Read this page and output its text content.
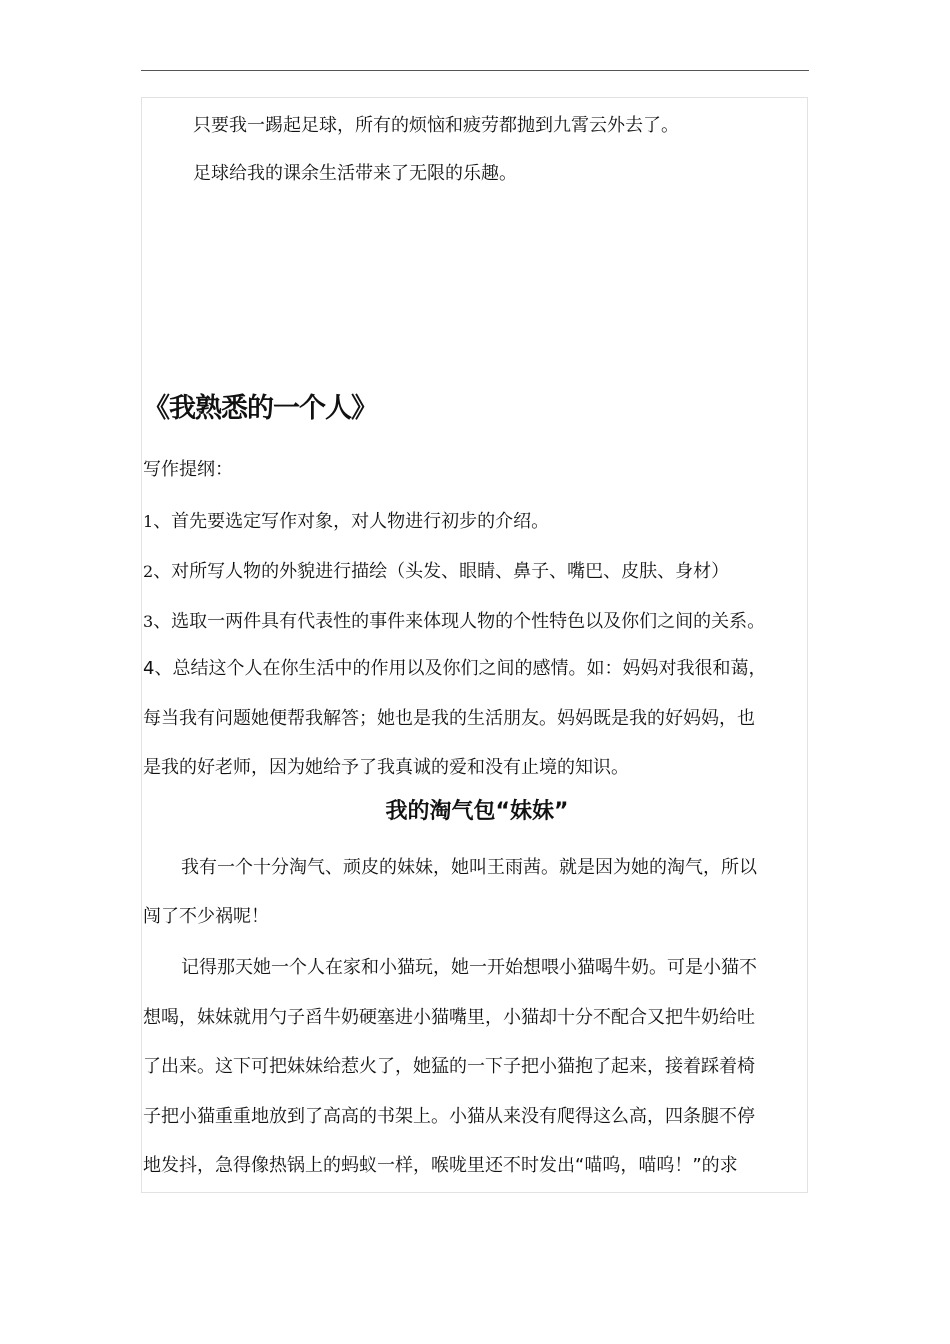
只要我一踢起足球，所有的烦恼和疲劳都抛到九霄云外去了。
足球给我的课余生活带来了无限的乐趣。
《我熟悉的一个人》
写作提纲：
1、首先要选定写作对象，对人物进行初步的介绍。
2、对所写人物的外貌进行描绘（头发、眼睛、鼻子、嘴巴、皮肤、身材）
3、选取一两件具有代表性的事件来体现人物的个性特色以及你们之间的关系。
4、总结这个人在你生活中的作用以及你们之间的感情。如：妈妈对我很和蔼，
每当我有问题她便帮我解答；她也是我的生活朋友。妈妈既是我的好妈妈，也
是我的好老师，因为她给予了我真诚的爱和没有止境的知识。
我的淘气包“妹妹”
我有一个十分淘气、顽皮的妹妹，她叫王雨茜。就是因为她的淘气，所以
闯了不少祸呢！
记得那天她一个人在家和小猫玩，她一开始想喂小猫喝牛奶。可是小猫不
想喝，妹妹就用勺子舀牛奶硬塞进小猫嘴里，小猫却十分不配合又把牛奶给吐
了出来。这下可把妹妹给惹火了，她猛的一下子把小猫抱了起来，接着踩着椅
子把小猫重重地放到了高高的书架上。小猫从来没有爬得这么高，四条腿不停
地发抖，急得像热锅上的蚂蚁一样，喉咙里还不时发出“喵呜，喵呜！”的求
